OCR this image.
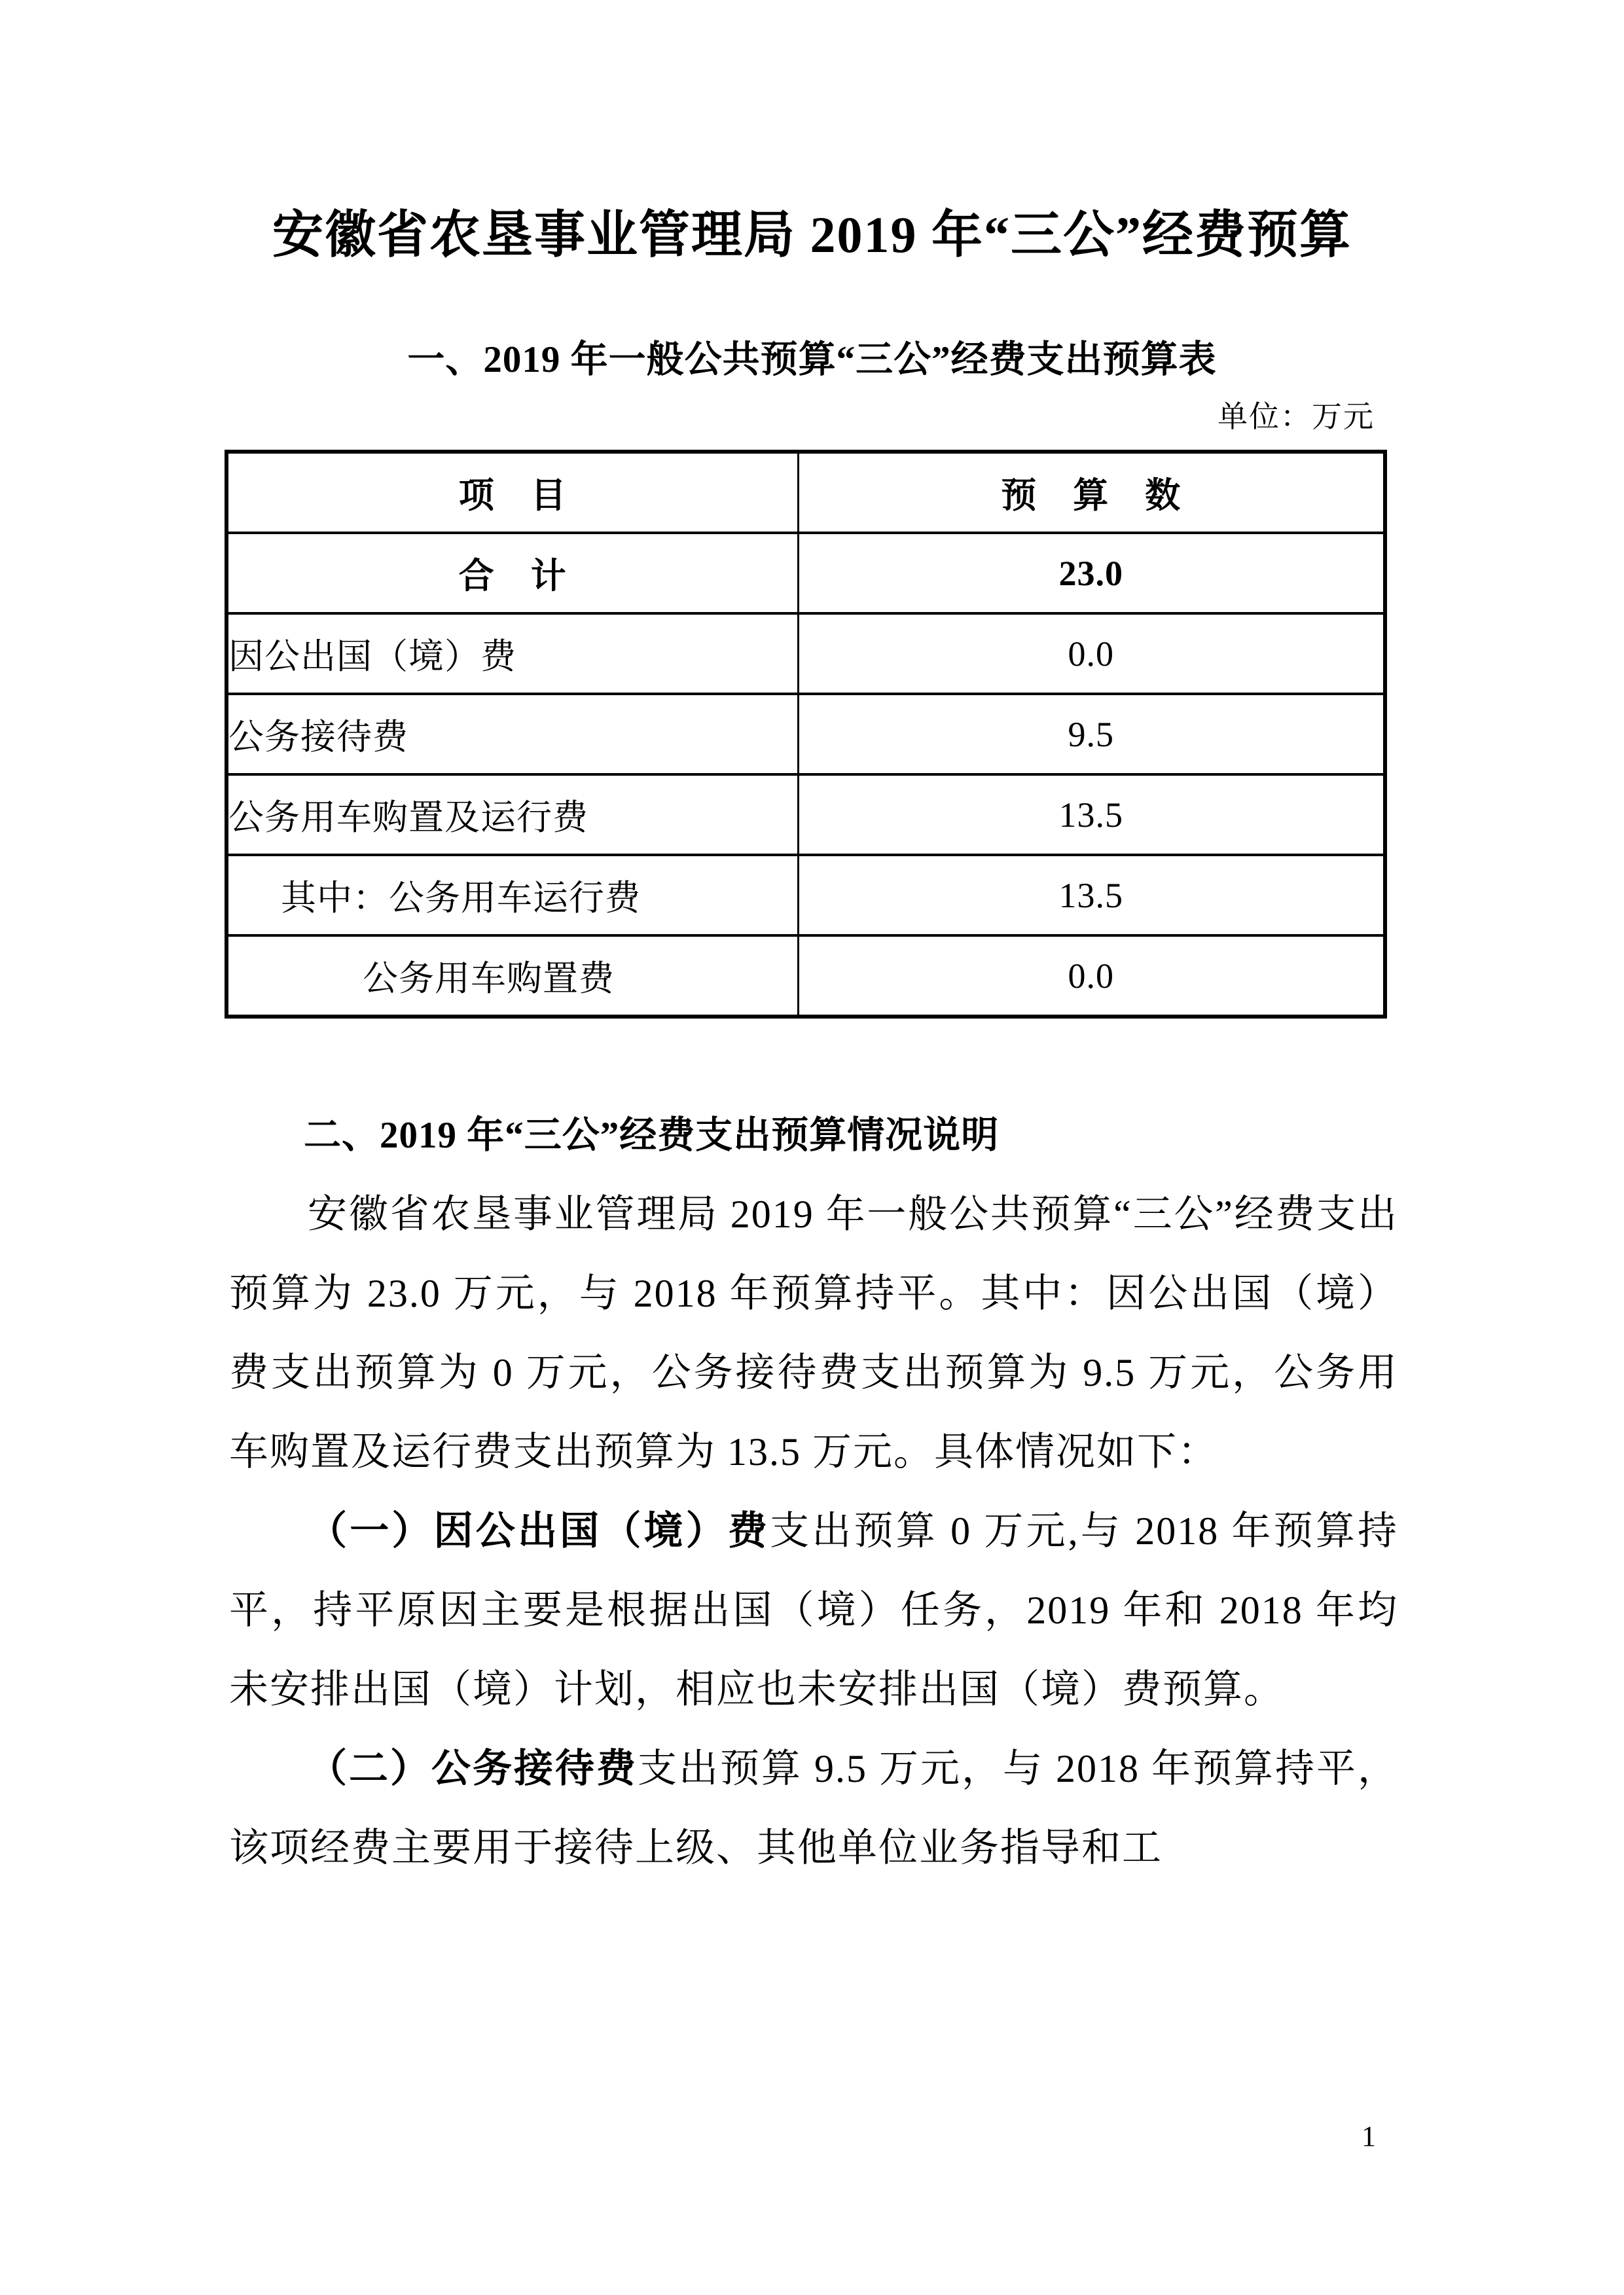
安徽省农垦事业管理局 2019 年“三公”经费预算
一、2019 年一般公共预算“三公”经费支出预算表
单位：万元
项　目	预　算　数
合　计	23.0
因公出国（境）费	0.0
公务接待费	9.5
公务用车购置及运行费	13.5
其中：公务用车运行费	13.5
公务用车购置费	0.0
二、2019 年“三公”经费支出预算情况说明

安徽省农垦事业管理局 2019 年一般公共预算“三公”经费支出预算为 23.0 万元，与 2018 年预算持平。其中：因公出国（境）费支出预算为 0 万元，公务接待费支出预算为 9.5 万元，公务用车购置及运行费支出预算为 13.5 万元。具体情况如下：

（一）因公出国（境）费支出预算 0 万元,与 2018 年预算持平，持平原因主要是根据出国（境）任务，2019 年和 2018 年均未安排出国（境）计划，相应也未安排出国（境）费预算。

（二）公务接待费支出预算 9.5 万元，与 2018 年预算持平，该项经费主要用于接待上级、其他单位业务指导和工

1
